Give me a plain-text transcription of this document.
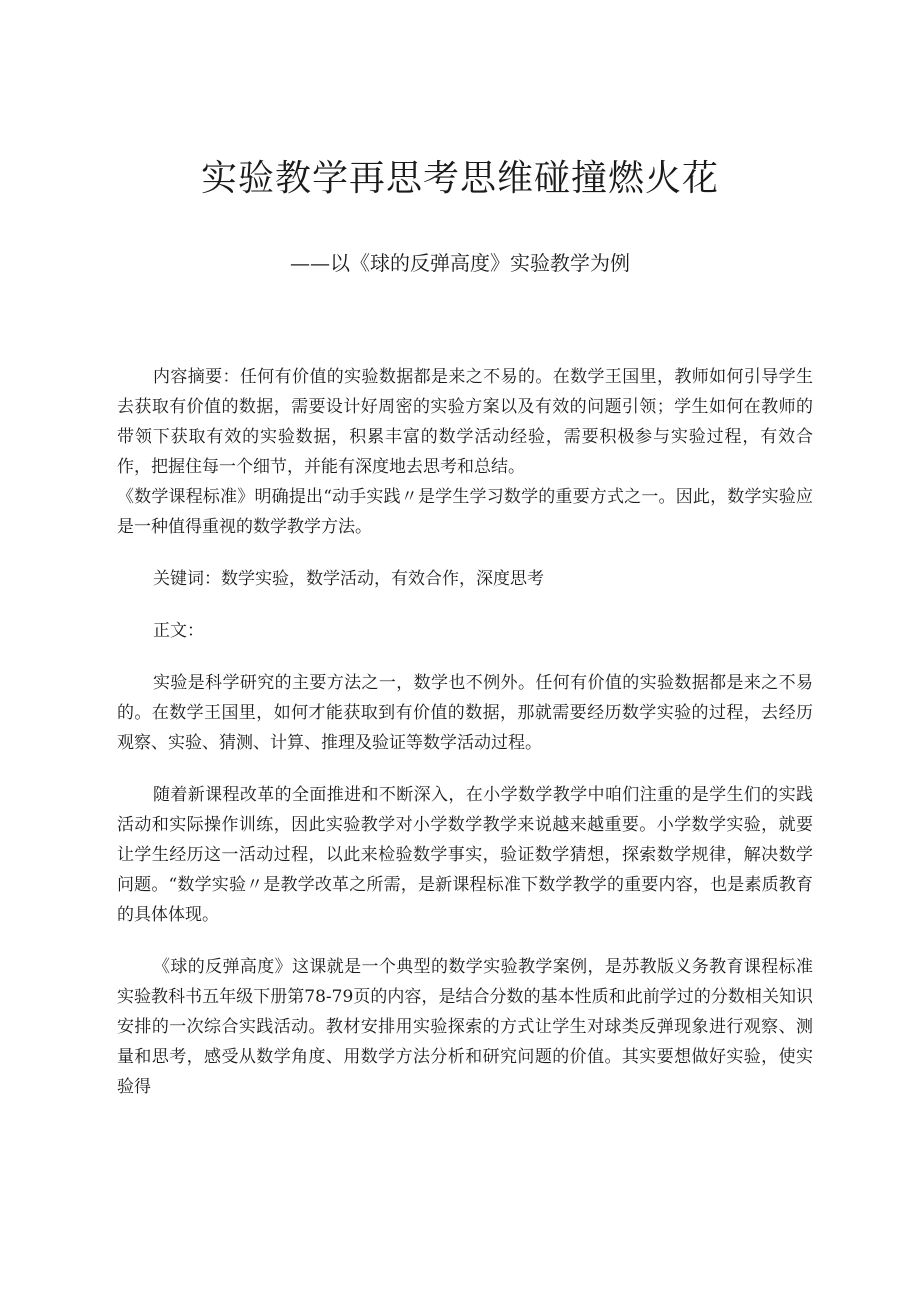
实验教学再思考思维碰撞燃火花
——以《球的反弹高度》实验教学为例

内容摘要：任何有价值的实验数据都是来之不易的。在数学王国里，教师如何引导学生去获取有价值的数据，需要设计好周密的实验方案以及有效的问题引领；学生如何在教师的带领下获取有效的实验数据，积累丰富的数学活动经验，需要积极参与实验过程，有效合作，把握住每一个细节，并能有深度地去思考和总结。

《数学课程标准》明确提出“动手实践〃是学生学习数学的重要方式之一。因此，数学实验应是一种值得重视的数学教学方法。

关键词：数学实验，数学活动，有效合作，深度思考

正文：

实验是科学研究的主要方法之一，数学也不例外。任何有价值的实验数据都是来之不易的。在数学王国里，如何才能获取到有价值的数据，那就需要经历数学实验的过程，去经历观察、实验、猜测、计算、推理及验证等数学活动过程。

随着新课程改革的全面推进和不断深入，在小学数学教学中咱们注重的是学生们的实践活动和实际操作训练，因此实验教学对小学数学教学来说越来越重要。小学数学实验，就要让学生经历这一活动过程，以此来检验数学事实，验证数学猜想，探索数学规律，解决数学问题。“数学实验〃是教学改革之所需，是新课程标准下数学教学的重要内容，也是素质教育的具体体现。

《球的反弹高度》这课就是一个典型的数学实验教学案例，是苏教版义务教育课程标准实验教科书五年级下册第78-79页的内容，是结合分数的基本性质和此前学过的分数相关知识安排的一次综合实践活动。教材安排用实验探索的方式让学生对球类反弹现象进行观察、测量和思考，感受从数学角度、用数学方法分析和研究问题的价值。其实要想做好实验，使实验得
